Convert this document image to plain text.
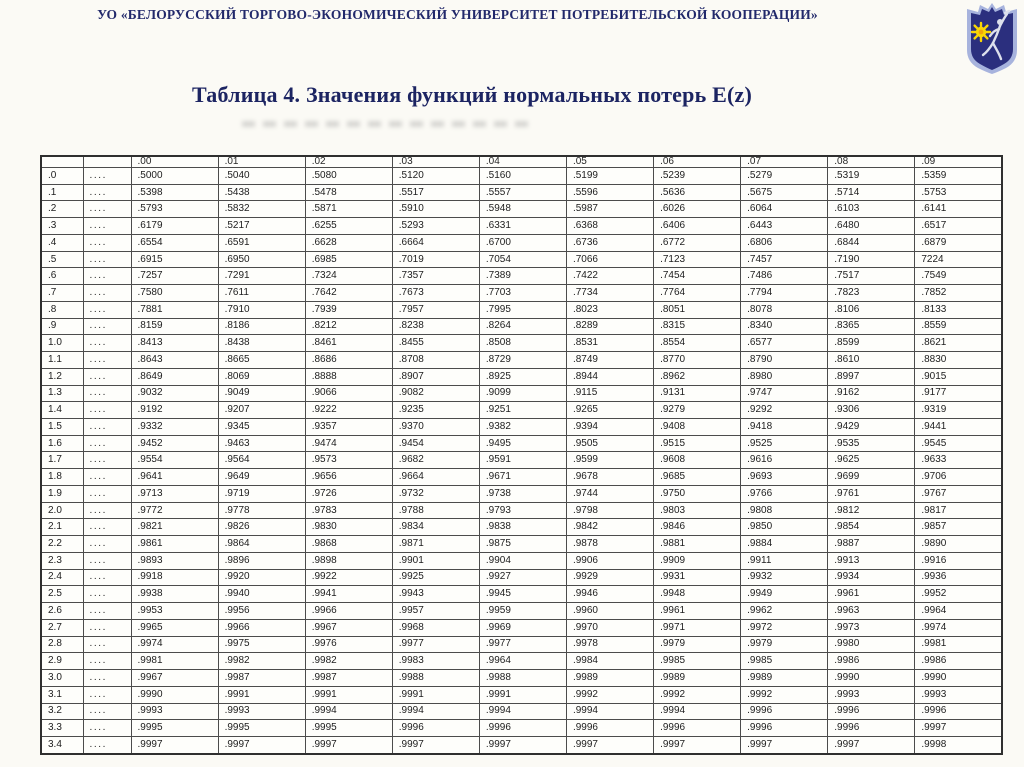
УО «БЕЛОРУССКИЙ ТОРГОВО-ЭКОНОМИЧЕСКИЙ УНИВЕРСИТЕТ ПОТРЕБИТЕЛЬСКОЙ КООПЕРАЦИИ»
Таблица 4. Значения функций нормальных потерь E(z)
		.00	.01	.02	.03	.04	.05	.06	.07	.08	.09
.0	....	.5000	.5040	.5080	.5120	.5160	.5199	.5239	.5279	.5319	.5359
.1	....	.5398	.5438	.5478	.5517	.5557	.5596	.5636	.5675	.5714	.5753
.2	....	.5793	.5832	.5871	.5910	.5948	.5987	.6026	.6064	.6103	.6141
.3	....	.6179	.5217	.6255	.5293	.6331	.6368	.6406	.6443	.6480	.6517
.4	....	.6554	.6591	.6628	.6664	.6700	.6736	.6772	.6806	.6844	.6879
.5	....	.6915	.6950	.6985	.7019	.7054	.7066	.7123	.7457	.7190	7224
.6	....	.7257	.7291	.7324	.7357	.7389	.7422	.7454	.7486	.7517	.7549
.7	....	.7580	.7611	.7642	.7673	.7703	.7734	.7764	.7794	.7823	.7852
.8	....	.7881	.7910	.7939	.7957	.7995	.8023	.8051	.8078	.8106	.8133
.9	....	.8159	.8186	.8212	.8238	.8264	.8289	.8315	.8340	.8365	.8559
1.0	....	.8413	.8438	.8461	.8455	.8508	.8531	.8554	.6577	.8599	.8621
1.1	....	.8643	.8665	.8686	.8708	.8729	.8749	.8770	.8790	.8610	.8830
1.2	....	.8649	.8069	.8888	.8907	.8925	.8944	.8962	.8980	.8997	.9015
1.3	....	.9032	.9049	.9066	.9082	.9099	.9115	.9131	.9747	.9162	.9177
1.4	....	.9192	.9207	.9222	.9235	.9251	.9265	.9279	.9292	.9306	.9319
1.5	....	.9332	.9345	.9357	.9370	.9382	.9394	.9408	.9418	.9429	.9441
1.6	....	.9452	.9463	.9474	.9454	.9495	.9505	.9515	.9525	.9535	.9545
1.7	....	.9554	.9564	.9573	.9682	.9591	.9599	.9608	.9616	.9625	.9633
1.8	....	.9641	.9649	.9656	.9664	.9671	.9678	.9685	.9693	.9699	.9706
1.9	....	.9713	.9719	.9726	.9732	.9738	.9744	.9750	.9766	.9761	.9767
2.0	....	.9772	.9778	.9783	.9788	.9793	.9798	.9803	.9808	.9812	.9817
2.1	....	.9821	.9826	.9830	.9834	.9838	.9842	.9846	.9850	.9854	.9857
2.2	....	.9861	.9864	.9868	.9871	.9875	.9878	.9881	.9884	.9887	.9890
2.3	....	.9893	.9896	.9898	.9901	.9904	.9906	.9909	.9911	.9913	.9916
2.4	....	.9918	.9920	.9922	.9925	.9927	.9929	.9931	.9932	.9934	.9936
2.5	....	.9938	.9940	.9941	.9943	.9945	.9946	.9948	.9949	.9961	.9952
2.6	....	.9953	.9956	.9966	.9957	.9959	.9960	.9961	.9962	.9963	.9964
2.7	....	.9965	.9966	.9967	.9968	.9969	.9970	.9971	.9972	.9973	.9974
2.8	....	.9974	.9975	.9976	.9977	.9977	.9978	.9979	.9979	.9980	.9981
2.9	....	.9981	.9982	.9982	.9983	.9964	.9984	.9985	.9985	.9986	.9986
3.0	....	.9967	.9987	.9987	.9988	.9988	.9989	.9989	.9989	.9990	.9990
3.1	....	.9990	.9991	.9991	.9991	.9991	.9992	.9992	.9992	.9993	.9993
3.2	....	.9993	.9993	.9994	.9994	.9994	.9994	.9994	.9996	.9996	.9996
3.3	....	.9995	.9995	.9995	.9996	.9996	.9996	.9996	.9996	.9996	.9997
3.4	....	.9997	.9997	.9997	.9997	.9997	.9997	.9997	.9997	.9997	.9998
